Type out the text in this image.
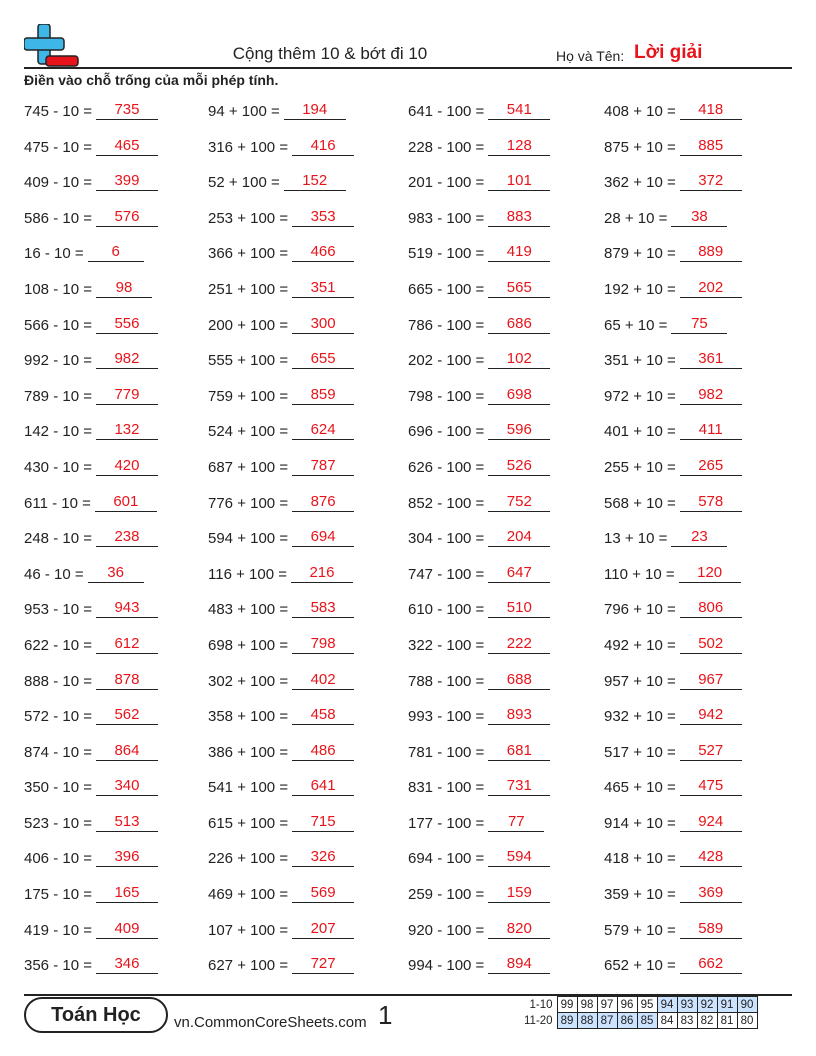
Cộng thêm 10 & bớt đi 10	Họ và Tên: Lời giải
Điền vào chỗ trống của mỗi phép tính.
745 - 10 =	735	94 + 100 =	194	641 - 100 =	541	408 + 10 =	418
475 - 10 =	465	316 + 100 =	416	228 - 100 =	128	875 + 10 =	885
409 - 10 =	399	52 + 100 =	152	201 - 100 =	101	362 + 10 =	372
586 - 10 =	576	253 + 100 =	353	983 - 100 =	883	28 + 10 =	38
16 - 10 =	6	366 + 100 =	466	519 - 100 =	419	879 + 10 =	889
108 - 10 =	98	251 + 100 =	351	665 - 100 =	565	192 + 10 =	202
566 - 10 =	556	200 + 100 =	300	786 - 100 =	686	65 + 10 =	75
992 - 10 =	982	555 + 100 =	655	202 - 100 =	102	351 + 10 =	361
789 - 10 =	779	759 + 100 =	859	798 - 100 =	698	972 + 10 =	982
142 - 10 =	132	524 + 100 =	624	696 - 100 =	596	401 + 10 =	411
430 - 10 =	420	687 + 100 =	787	626 - 100 =	526	255 + 10 =	265
611 - 10 =	601	776 + 100 =	876	852 - 100 =	752	568 + 10 =	578
248 - 10 =	238	594 + 100 =	694	304 - 100 =	204	13 + 10 =	23
46 - 10 =	36	116 + 100 =	216	747 - 100 =	647	110 + 10 =	120
953 - 10 =	943	483 + 100 =	583	610 - 100 =	510	796 + 10 =	806
622 - 10 =	612	698 + 100 =	798	322 - 100 =	222	492 + 10 =	502
888 - 10 =	878	302 + 100 =	402	788 - 100 =	688	957 + 10 =	967
572 - 10 =	562	358 + 100 =	458	993 - 100 =	893	932 + 10 =	942
874 - 10 =	864	386 + 100 =	486	781 - 100 =	681	517 + 10 =	527
350 - 10 =	340	541 + 100 =	641	831 - 100 =	731	465 + 10 =	475
523 - 10 =	513	615 + 100 =	715	177 - 100 =	77	914 + 10 =	924
406 - 10 =	396	226 + 100 =	326	694 - 100 =	594	418 + 10 =	428
175 - 10 =	165	469 + 100 =	569	259 - 100 =	159	359 + 10 =	369
419 - 10 =	409	107 + 100 =	207	920 - 100 =	820	579 + 10 =	589
356 - 10 =	346	627 + 100 =	727	994 - 100 =	894	652 + 10 =	662
Toán Học	vn.CommonCoreSheets.com 1	1-10	99	98	97	96	95	94	93	92	91	90
11-20	89	88	87	86	85	84	83	82	81	80
